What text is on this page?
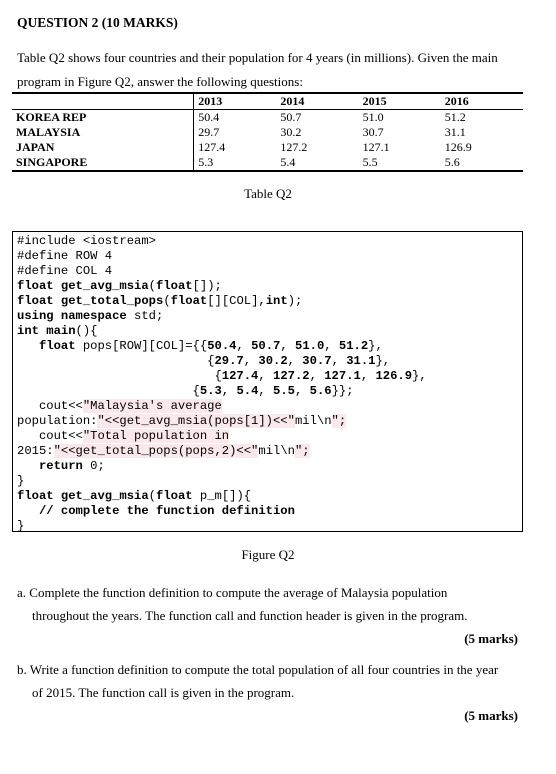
QUESTION 2 (10 MARKS)
Table Q2 shows four countries and their population for 4 years (in millions). Given the main
program in Figure Q2, answer the following questions:
	2013	2014	2015	2016
KOREA REP	50.4	50.7	51.0	51.2
MALAYSIA	29.7	30.2	30.7	31.1
JAPAN	127.4	127.2	127.1	126.9
SINGAPORE	5.3	5.4	5.5	5.6
Table Q2
#include <iostream>
#define ROW 4
#define COL 4
float get_avg_msia(float[]);
float get_total_pops(float[][COL],int);
using namespace std;
int main(){
float pops[ROW][COL]={{50.4, 50.7, 51.0, 51.2},
{29.7, 30.2, 30.7, 31.1},
{127.4, 127.2, 127.1, 126.9},
{5.3, 5.4, 5.5, 5.6}};
cout<<"Malaysia's average
population:"<<get_avg_msia(pops[1])<<"mil\n";
cout<<"Total population in
2015:"<<get_total_pops(pops,2)<<"mil\n";
return 0;
}
float get_avg_msia(float p_m[]){
// complete the function definition
}
Figure Q2
a. Complete the function definition to compute the average of Malaysia population
throughout the years. The function call and function header is given in the program.
(5 marks)
b. Write a function definition to compute the total population of all four countries in the year
of 2015. The function call is given in the program.
(5 marks)
